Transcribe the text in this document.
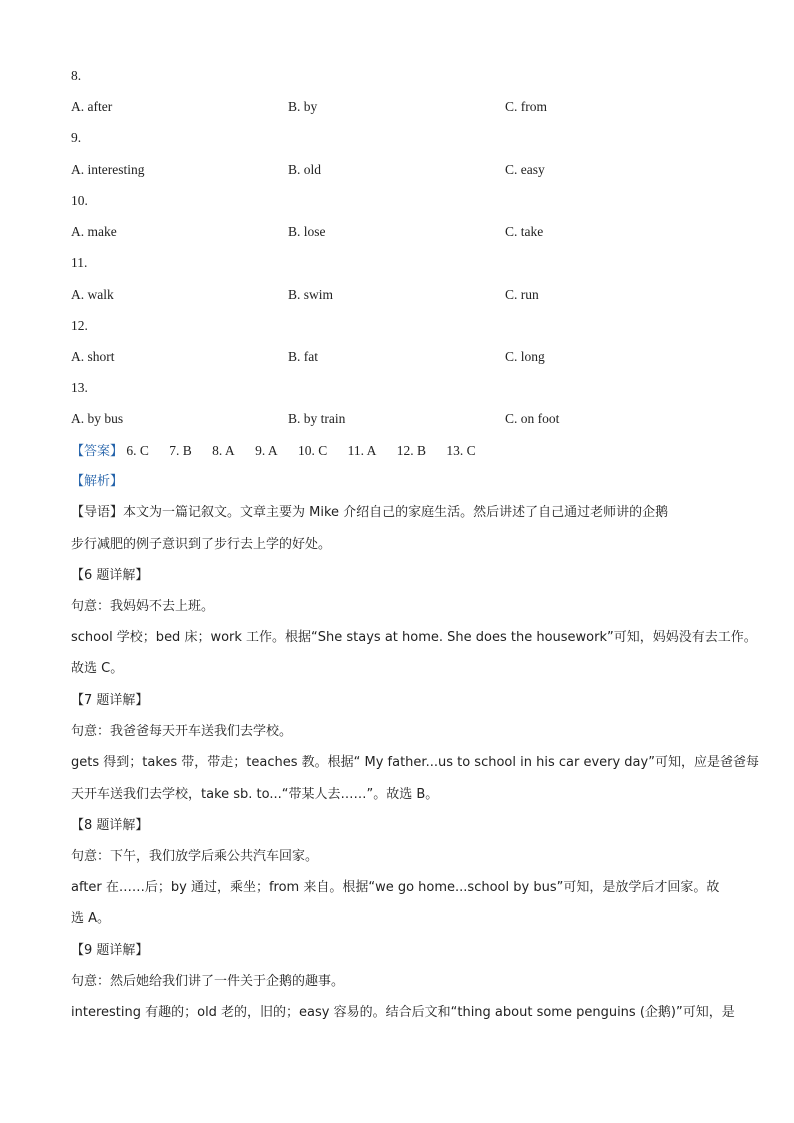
8.
A. after	B. by	C. from
9.
A. interesting	B. old	C. easy
10.
A. make	B. lose	C. take
11.
A. walk	B. swim	C. run
12.
A. short	B. fat	C. long
13.
A. by bus	B. by train	C. on foot
【答案】 6. C 7. B 8. A 9. A 10. C 11. A 12. B 13. C
【解析】
【导语】本文为一篇记叙文。文章主要为 Mike 介绍自己的家庭生活。然后讲述了自己通过老师讲的企鹅
步行减肥的例子意识到了步行去上学的好处。
【6 题详解】
句意：我妈妈不去上班。
school 学校；bed 床；work 工作。根据“She stays at home. She does the housework”可知，妈妈没有去工作。
故选 C。
【7 题详解】
句意：我爸爸每天开车送我们去学校。
gets 得到；takes 带，带走；teaches 教。根据“ My father...us to school in his car every day”可知，应是爸爸每
天开车送我们去学校，take sb. to...“带某人去……”。故选 B。
【8 题详解】
句意：下午，我们放学后乘公共汽车回家。
after 在……后；by 通过，乘坐；from 来自。根据“we go home...school by bus”可知，是放学后才回家。故
选 A。
【9 题详解】
句意：然后她给我们讲了一件关于企鹅的趣事。
interesting 有趣的；old 老的，旧的；easy 容易的。结合后文和“thing about some penguins (企鹅)”可知，是
